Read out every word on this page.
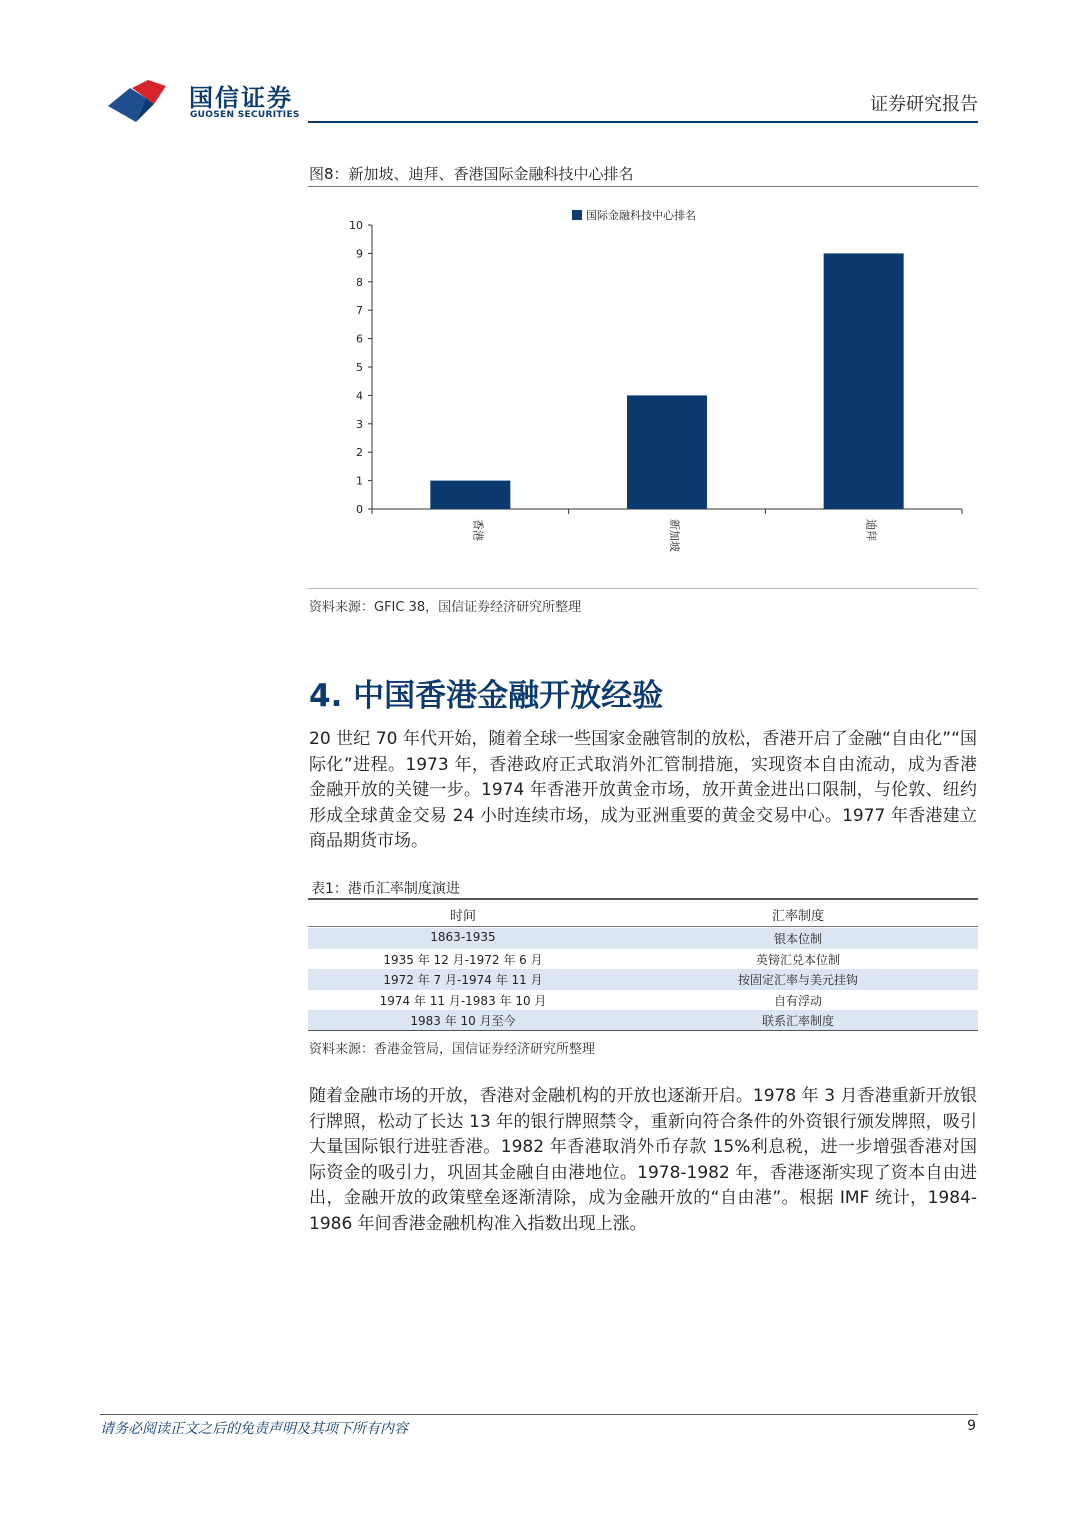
国信证券
GUOSEN SECURITIES	证券研究报告
图8：新加坡、迪拜、香港国际金融科技中心排名
0
1
2
3
4
5
6
7
8
9
10
香港	新加坡	迪拜
国际金融科技中心排名
资料来源：GFIC 38，国信证券经济研究所整理
4. 中国香港金融开放经验
20 世纪 70 年代开始，随着全球一些国家金融管制的放松，香港开启了金融“自由化”“国际化”进程。1973 年，香港政府正式取消外汇管制措施，实现资本自由流动，成为香港金融开放的关键一步。1974 年香港开放黄金市场，放开黄金进出口限制，与伦敦、纽约形成全球黄金交易 24 小时连续市场，成为亚洲重要的黄金交易中心。1977 年香港建立商品期货市场。
表1：港币汇率制度演进
时间	汇率制度
1863-1935	银本位制
1935 年 12 月-1972 年 6 月	英镑汇兑本位制
1972 年 7 月-1974 年 11 月	按固定汇率与美元挂钩
1974 年 11 月-1983 年 10 月	自有浮动
1983 年 10 月至今	联系汇率制度
资料来源：香港金管局，国信证券经济研究所整理
随着金融市场的开放，香港对金融机构的开放也逐渐开启。1978 年 3 月香港重新开放银行牌照，松动了长达 13 年的银行牌照禁令，重新向符合条件的外资银行颁发牌照，吸引大量国际银行进驻香港。1982 年香港取消外币存款 15%利息税，进一步增强香港对国际资金的吸引力，巩固其金融自由港地位。1978-1982 年，香港逐渐实现了资本自由进出，金融开放的政策壁垒逐渐清除，成为金融开放的“自由港”。根据 IMF 统计，1984-1986 年间香港金融机构准入指数出现上涨。
请务必阅读正文之后的免责声明及其项下所有内容	9
